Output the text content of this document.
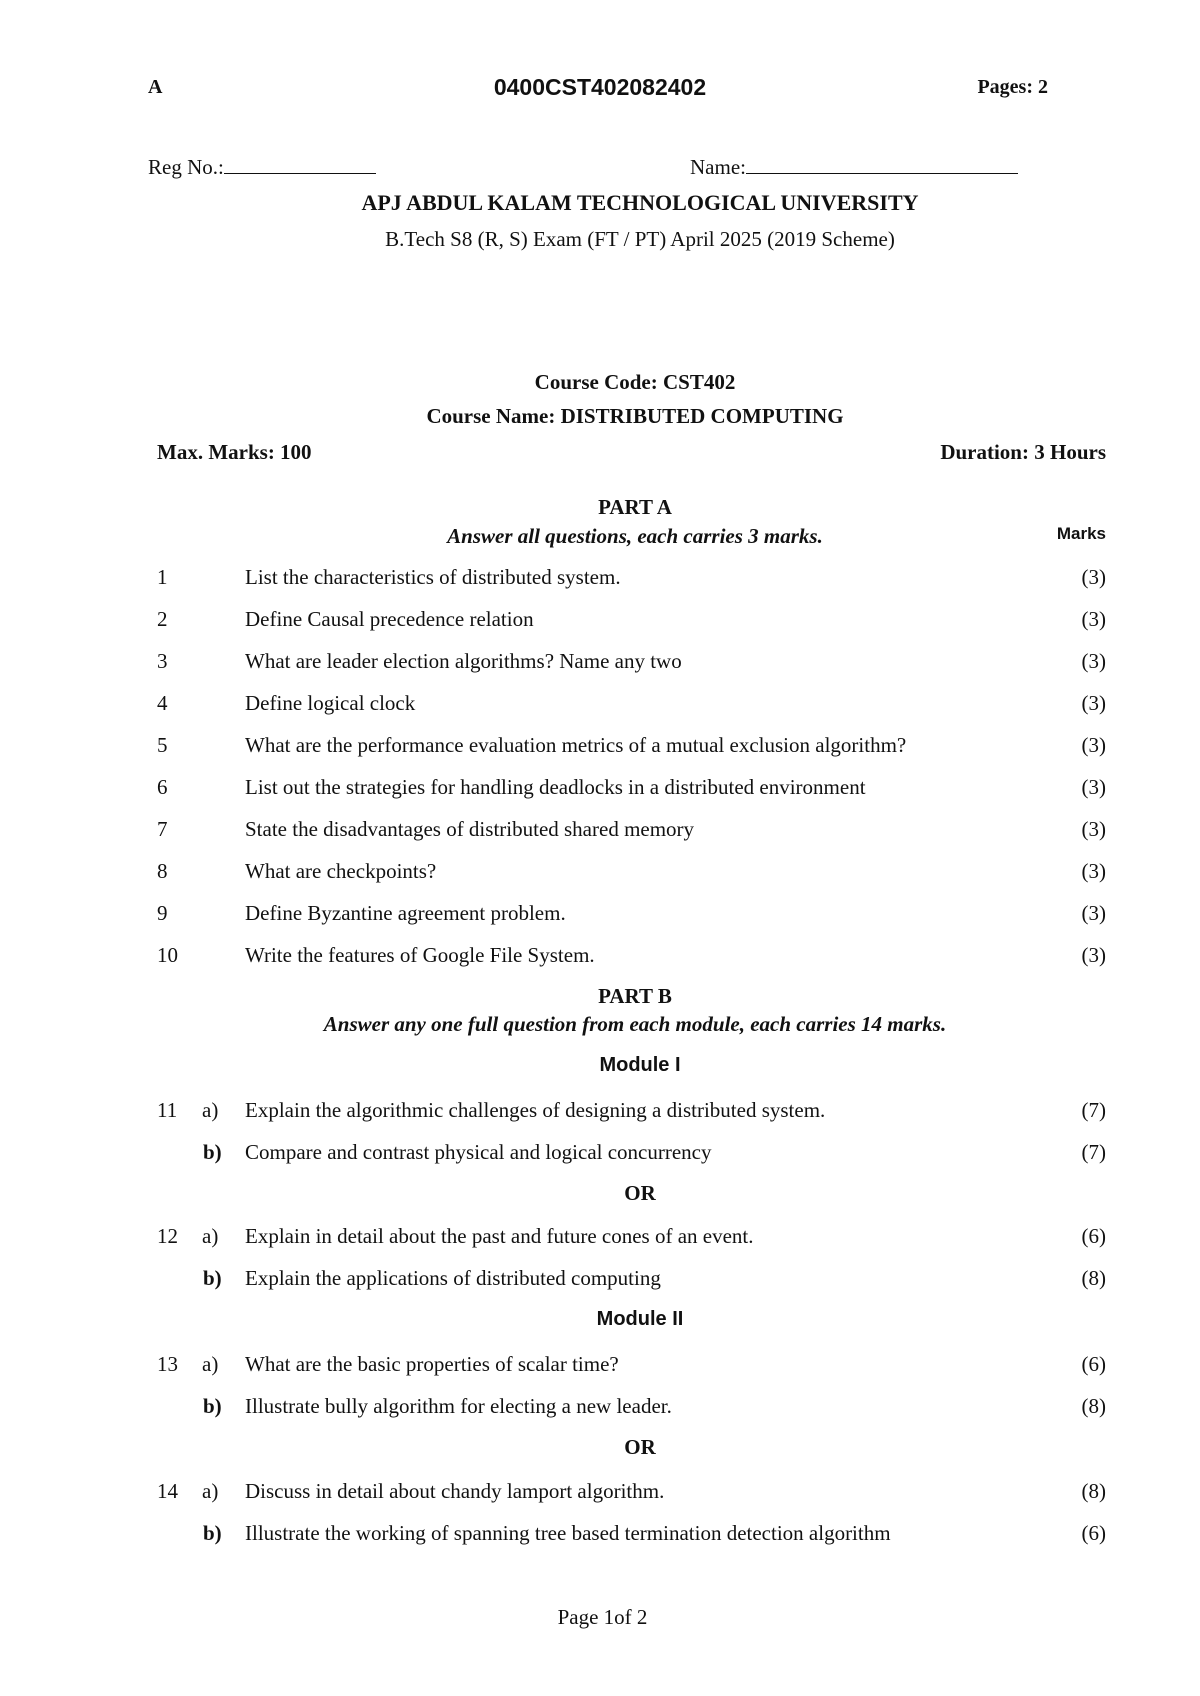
A	0400CST402082402	Pages: 2
Reg No.:	Name:
APJ ABDUL KALAM TECHNOLOGICAL UNIVERSITY
B.Tech S8 (R, S) Exam (FT / PT) April 2025 (2019 Scheme)
Course Code: CST402
Course Name: DISTRIBUTED COMPUTING
Max. Marks: 100	Duration: 3 Hours
PART A
Answer all questions, each carries 3 marks.	Marks
1	List the characteristics of distributed system.	(3)
2	Define Causal precedence relation	(3)
3	What are leader election algorithms? Name any two	(3)
4	Define logical clock	(3)
5	What are the performance evaluation metrics of a mutual exclusion algorithm?	(3)
6	List out the strategies for handling deadlocks in a distributed environment	(3)
7	State the disadvantages of distributed shared memory	(3)
8	What are checkpoints?	(3)
9	Define Byzantine agreement problem.	(3)
10	Write the features of Google File System.	(3)
PART B
Answer any one full question from each module, each carries 14 marks.
Module I
11 a) Explain the algorithmic challenges of designing a distributed system.	(7)
b) Compare and contrast physical and logical concurrency	(7)
OR
12 a) Explain in detail about the past and future cones of an event.	(6)
b) Explain the applications of distributed computing	(8)
Module II
13 a) What are the basic properties of scalar time?	(6)
b) Illustrate bully algorithm for electing a new leader.	(8)
OR
14 a) Discuss in detail about chandy lamport algorithm.	(8)
b) Illustrate the working of spanning tree based termination detection algorithm	(6)
Page 1of 2
